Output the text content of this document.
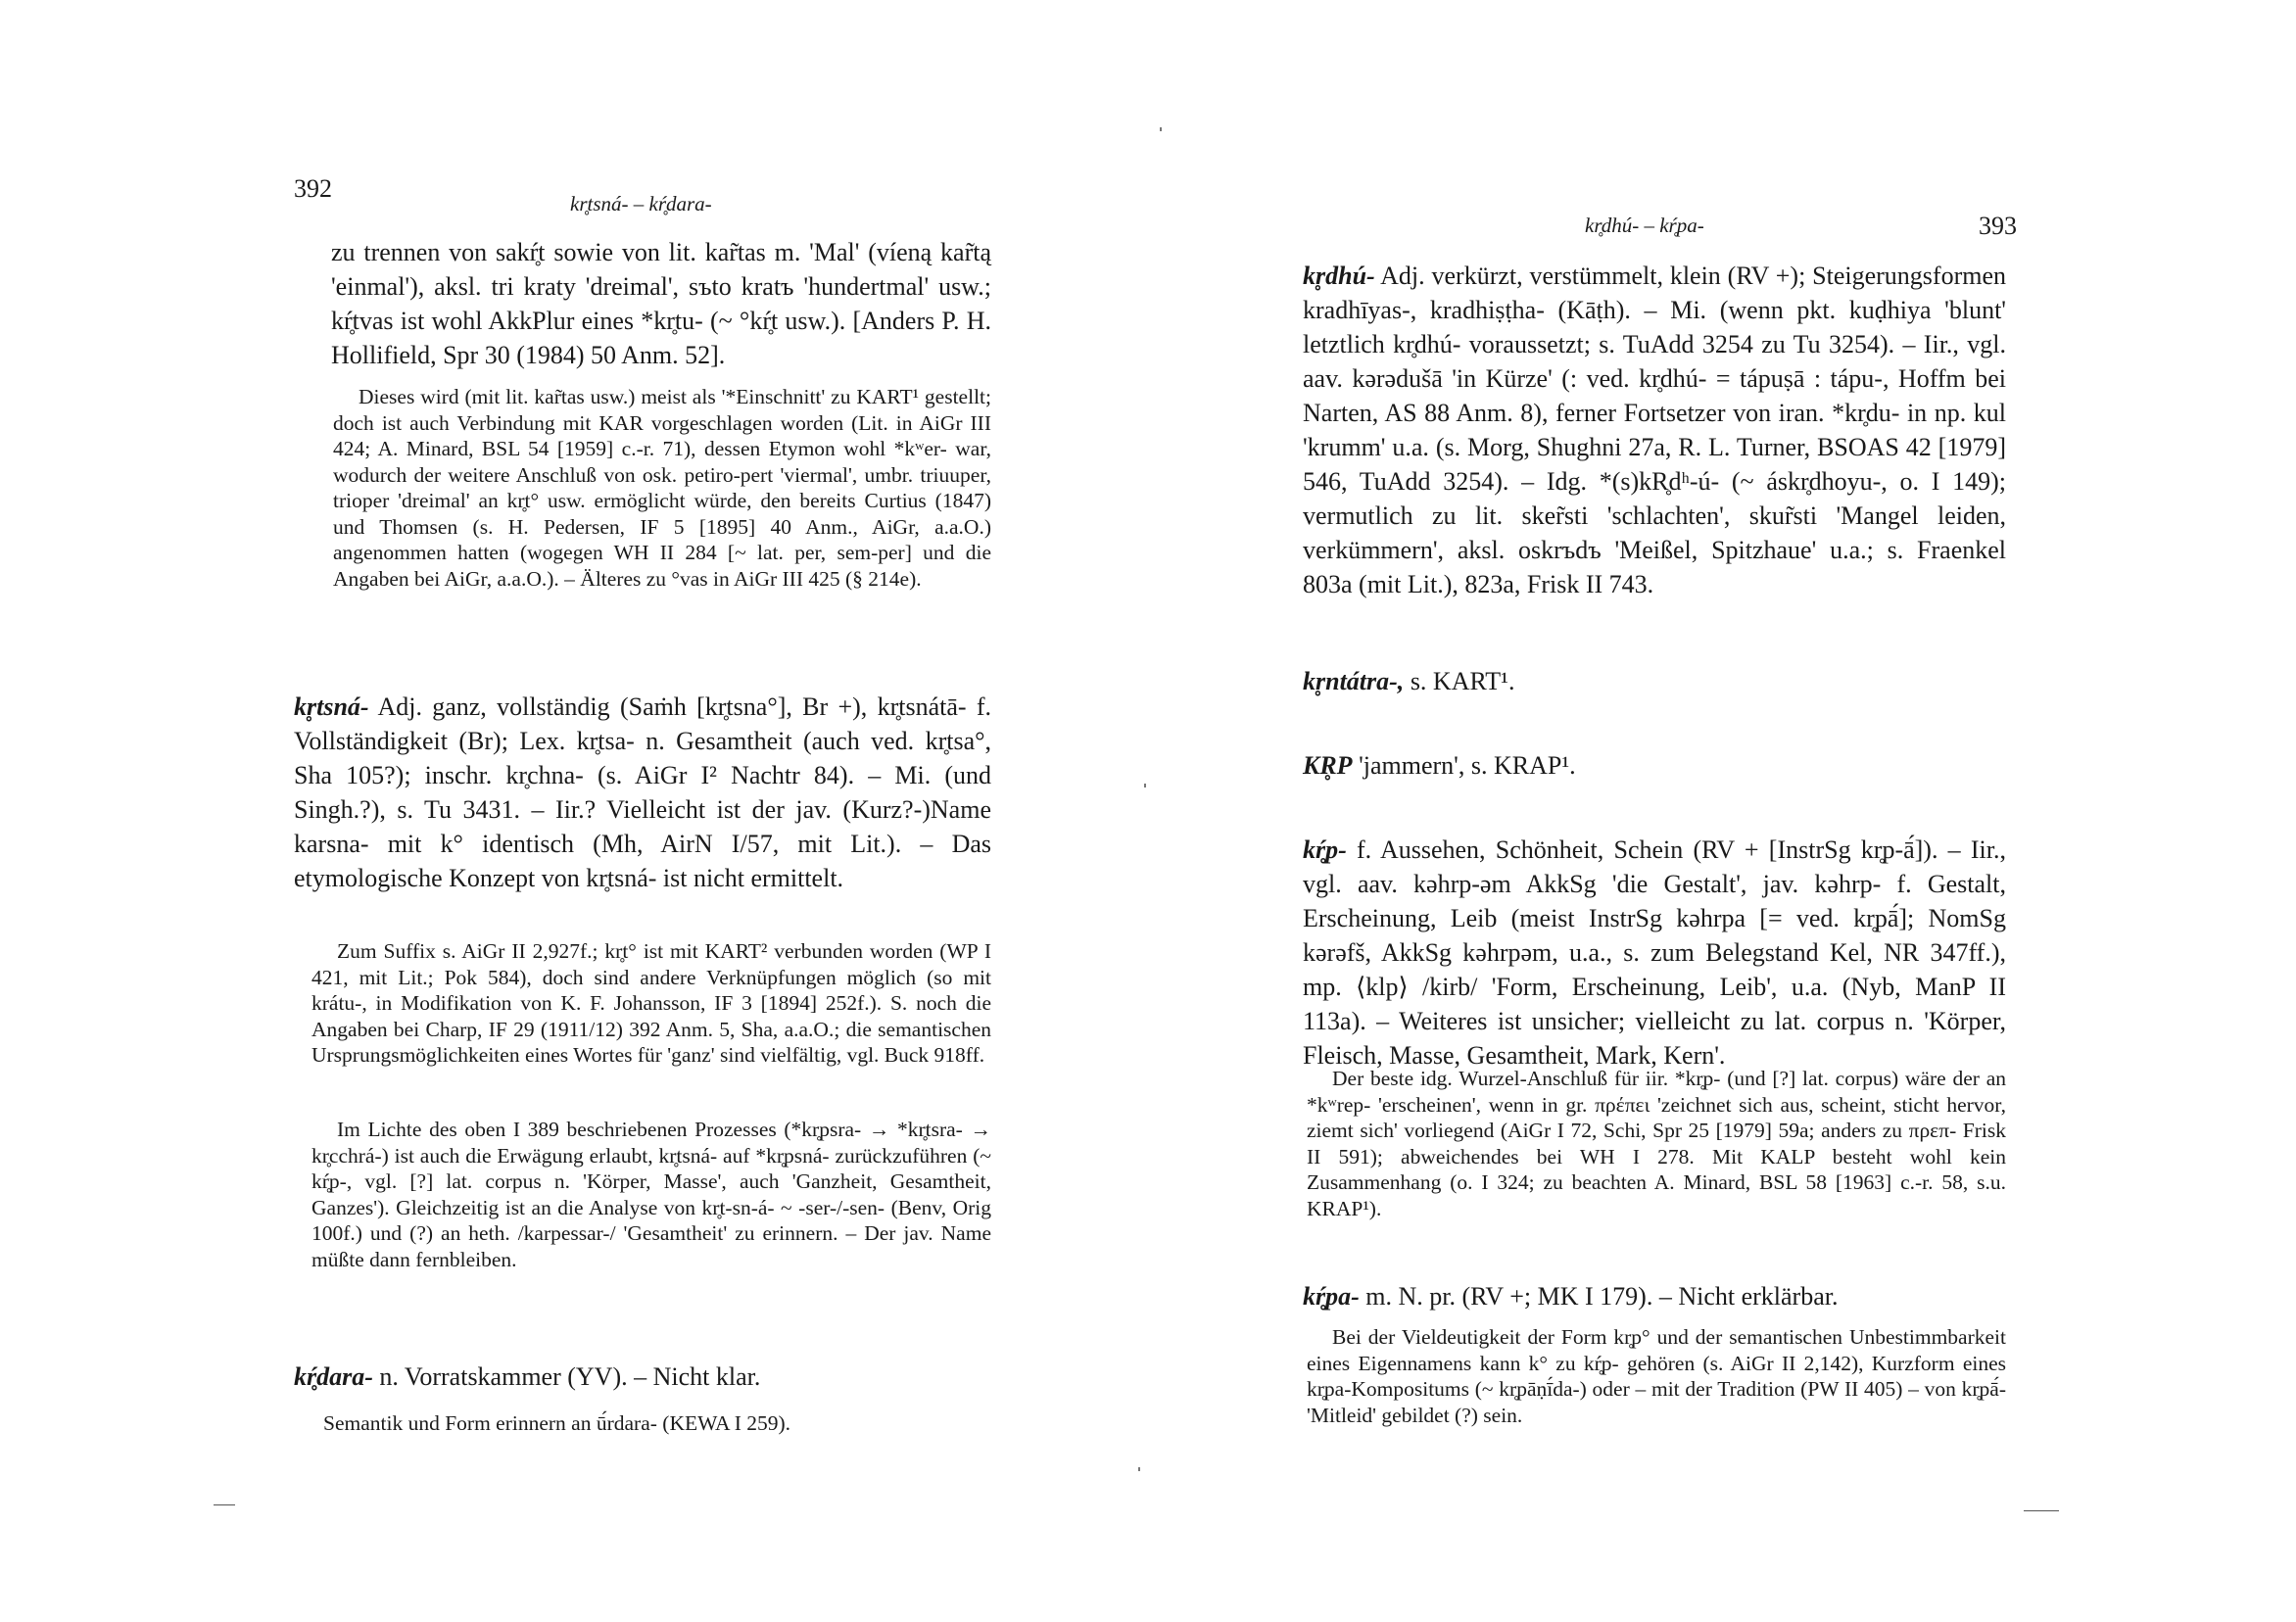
392
kr̥tsná- – kŕ̥dara-
zu trennen von sakŕ̥t sowie von lit. kar̃tas m. 'Mal' (víeną kar̃tą 'einmal'), aksl. tri kraty 'dreimal', sъto kratъ 'hundertmal' usw.; kŕ̥tvas ist wohl AkkPlur eines *kr̥tu- (~ °kŕ̥t usw.). [Anders P. H. Hollifield, Spr 30 (1984) 50 Anm. 52].
Dieses wird (mit lit. kar̃tas usw.) meist als '*Einschnitt' zu KART¹ gestellt; doch ist auch Verbindung mit KAR vorgeschlagen worden (Lit. in AiGr III 424; A. Minard, BSL 54 [1959] c.-r. 71), dessen Etymon wohl *kʷer- war, wodurch der weitere Anschluß von osk. petiro-pert 'viermal', umbr. triuuper, trioper 'dreimal' an kr̥t° usw. ermöglicht würde, den bereits Curtius (1847) und Thomsen (s. H. Pedersen, IF 5 [1895] 40 Anm., AiGr, a.a.O.) angenommen hatten (wogegen WH II 284 [~ lat. per, sem-per] und die Angaben bei AiGr, a.a.O.). – Älteres zu °vas in AiGr III 425 (§ 214e).
kr̥tsná- Adj. ganz, vollständig (Saṁh [kr̥tsna°], Br +), kr̥tsnátā- f. Vollständigkeit (Br); Lex. kr̥tsa- n. Gesamtheit (auch ved. kr̥tsa°, Sha 105?); inschr. kr̥chna- (s. AiGr I² Nachtr 84). – Mi. (und Singh.?), s. Tu 3431. – Iir.? Vielleicht ist der jav. (Kurz?-)Name karsna- mit k° identisch (Mh, AirN I/57, mit Lit.). – Das etymologische Konzept von kr̥tsná- ist nicht ermittelt.
Zum Suffix s. AiGr II 2,927f.; kr̥t° ist mit KART² verbunden worden (WP I 421, mit Lit.; Pok 584), doch sind andere Verknüpfungen möglich (so mit krátu-, in Modifikation von K. F. Johansson, IF 3 [1894] 252f.). S. noch die Angaben bei Charp, IF 29 (1911/12) 392 Anm. 5, Sha, a.a.O.; die semantischen Ursprungsmöglichkeiten eines Wortes für 'ganz' sind vielfältig, vgl. Buck 918ff.
Im Lichte des oben I 389 beschriebenen Prozesses (*kr̥psra- → *kr̥tsra- → kr̥cchrá-) ist auch die Erwägung erlaubt, kr̥tsná- auf *kr̥psná- zurückzuführen (~ kŕ̥p-, vgl. [?] lat. corpus n. 'Körper, Masse', auch 'Ganzheit, Gesamtheit, Ganzes'). Gleichzeitig ist an die Analyse von kr̥t-sn-á- ~ -ser-/-sen- (Benv, Orig 100f.) und (?) an heth. /karpessar-/ 'Gesamtheit' zu erinnern. – Der jav. Name müßte dann fernbleiben.
kŕ̥dara- n. Vorratskammer (YV). – Nicht klar.
Semantik und Form erinnern an ū́rdara- (KEWA I 259).
kr̥dhú- – kŕ̥pa-	393
kr̥dhú- Adj. verkürzt, verstümmelt, klein (RV +); Steigerungsformen kradhīyas-, kradhiṣṭha- (Kāṭh). – Mi. (wenn pkt. kuḍhiya 'blunt' letztlich kr̥dhú- voraussetzt; s. TuAdd 3254 zu Tu 3254). – Iir., vgl. aav. kərədušā 'in Kürze' (: ved. kr̥dhú- = tápuṣā : tápu-, Hoffm bei Narten, AS 88 Anm. 8), ferner Fortsetzer von iran. *kr̥du- in np. kul 'krumm' u.a. (s. Morg, Shughni 27a, R. L. Turner, BSOAS 42 [1979] 546, TuAdd 3254). – Idg. *(s)kR̥dʰ-ú- (~ áskr̥dhoyu-, o. I 149); vermutlich zu lit. sker̃sti 'schlachten', skur̃sti 'Mangel leiden, verkümmern', aksl. oskrъdъ 'Meißel, Spitzhaue' u.a.; s. Fraenkel 803a (mit Lit.), 823a, Frisk II 743.
kr̥ntátra-, s. KART¹.
KR̥P 'jammern', s. KRAP¹.
kŕ̥p- f. Aussehen, Schönheit, Schein (RV + [InstrSg kr̥p-ā́]). – Iir., vgl. aav. kəhrp-əm AkkSg 'die Gestalt', jav. kəhrp- f. Gestalt, Erscheinung, Leib (meist InstrSg kəhrpa [= ved. kr̥pā́]; NomSg kərəfš, AkkSg kəhrpəm, u.a., s. zum Belegstand Kel, NR 347ff.), mp. ⟨klp⟩ /kirb/ 'Form, Erscheinung, Leib', u.a. (Nyb, ManP II 113a). – Weiteres ist unsicher; vielleicht zu lat. corpus n. 'Körper, Fleisch, Masse, Gesamtheit, Mark, Kern'.
Der beste idg. Wurzel-Anschluß für iir. *kr̥p- (und [?] lat. corpus) wäre der an *kʷrep- 'erscheinen', wenn in gr. πρέπει 'zeichnet sich aus, scheint, sticht hervor, ziemt sich' vorliegend (AiGr I 72, Schi, Spr 25 [1979] 59a; anders zu πρεπ- Frisk II 591); abweichendes bei WH I 278. Mit KALP besteht wohl kein Zusammenhang (o. I 324; zu beachten A. Minard, BSL 58 [1963] c.-r. 58, s.u. KRAP¹).
kŕ̥pa- m. N. pr. (RV +; MK I 179). – Nicht erklärbar.
Bei der Vieldeutigkeit der Form kr̥p° und der semantischen Unbestimmbarkeit eines Eigennamens kann k° zu kŕ̥p- gehören (s. AiGr II 2,142), Kurzform eines kr̥pa-Kompositums (~ kr̥pāṇī́da-) oder – mit der Tradition (PW II 405) – von kr̥pā́- 'Mitleid' gebildet (?) sein.
